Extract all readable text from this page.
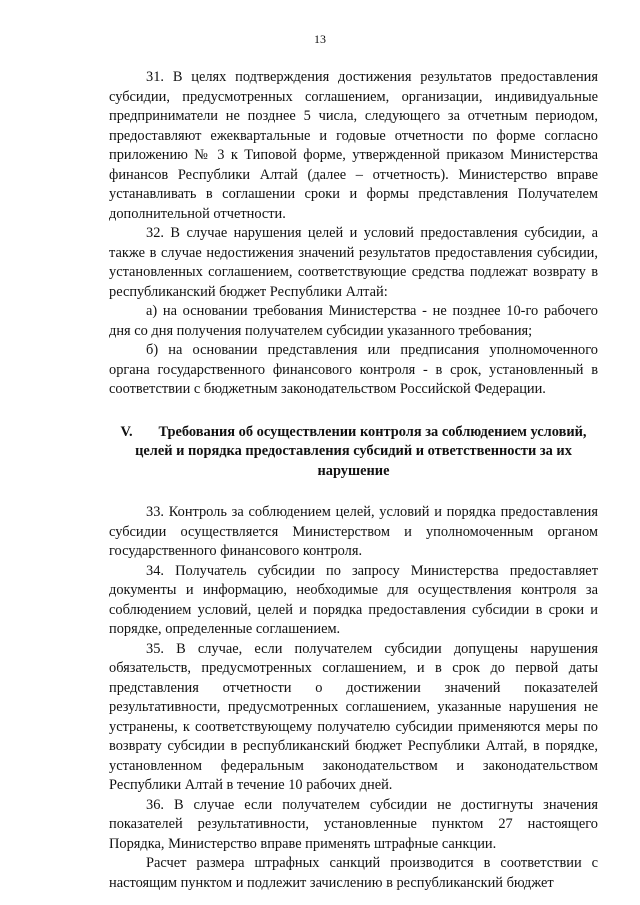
13

31. В целях подтверждения достижения результатов предоставления субсидии, предусмотренных соглашением, организации, индивидуальные предприниматели не позднее 5 числа, следующего за отчетным периодом, предоставляют ежеквартальные и годовые отчетности по форме согласно приложению № 3 к Типовой форме, утвержденной приказом Министерства финансов Республики Алтай (далее – отчетность). Министерство вправе устанавливать в соглашении сроки и формы представления Получателем дополнительной отчетности.

32. В случае нарушения целей и условий предоставления субсидии, а также в случае недостижения значений результатов предоставления субсидии, установленных соглашением, соответствующие средства подлежат возврату в республиканский бюджет Республики Алтай:

а) на основании требования Министерства - не позднее 10-го рабочего дня со дня получения получателем субсидии указанного требования;

б) на основании представления или предписания уполномоченного органа государственного финансового контроля - в срок, установленный в соответствии с бюджетным законодательством Российской Федерации.

V. Требования об осуществлении контроля за соблюдением условий, целей и порядка предоставления субсидий и ответственности за их нарушение

33. Контроль за соблюдением целей, условий и порядка предоставления субсидии осуществляется Министерством и уполномоченным органом государственного финансового контроля.

34. Получатель субсидии по запросу Министерства предоставляет документы и информацию, необходимые для осуществления контроля за соблюдением условий, целей и порядка предоставления субсидии в сроки и порядке, определенные соглашением.

35. В случае, если получателем субсидии допущены нарушения обязательств, предусмотренных соглашением, и в срок до первой даты представления отчетности о достижении значений показателей результативности, предусмотренных соглашением, указанные нарушения не устранены, к соответствующему получателю субсидии применяются меры по возврату субсидии в республиканский бюджет Республики Алтай, в порядке, установленном федеральным законодательством и законодательством Республики Алтай в течение 10 рабочих дней.

36. В случае если получателем субсидии не достигнуты значения показателей результативности, установленные пунктом 27 настоящего Порядка, Министерство вправе применять штрафные санкции.

Расчет размера штрафных санкций производится в соответствии с настоящим пунктом и подлежит зачислению в республиканский бюджет
